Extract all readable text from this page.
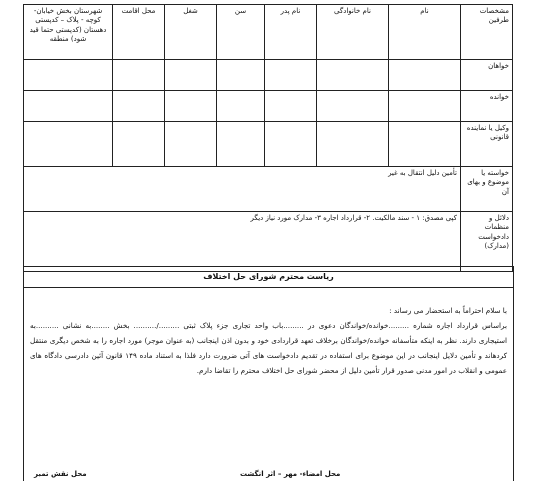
مشخصات طرفین	نام	نام خانوادگی	نام پدر	سن	شغل	محل اقامت	شهرستان بخش خیابان- کوچه - پلاک – کدپستی دهستان (کدپستی حتما قید شود) منطقه
خواهان							
خوانده							
وکیل یا نماینده قانونی							
خواسته یا موضوع و بهای آن	تأمین دلیل انتقال به غیر						
دلائل و منظمات دادخواست (مدارک)	کپی مصدق: ۱ - سند مالکیت. ۲- قرارداد اجاره ۳- مدارک مورد نیاز دیگر						
ریاست محترم شورای حل اختلاف
با سلام احتراماً به استحضار می رساند :
براساس قرارداد اجاره شماره .........خوانده/خواندگان دعوی در .........باب واحد تجاری جزء پلاک ثبتی ........./.......... بخش ........به نشانی ..........به استیجاری دارند. نظر به اینکه متأسفانه خوانده/خواندگان برخلاف تعهد قراردادی خود و بدون اذن اینجانب (به عنوان موجر) مورد اجاره را به شخص دیگری منتقل کردهاند و تأمین دلایل اینجانب در این موضوع برای استفاده در تقدیم دادخواست های آتی ضرورت دارد فلذا به استناد ماده ۱۴۹ قانون آئین دادرسی دادگاه های عمومی و انقلاب در امور مدنی صدور قرار تأمین دلیل از محضر شورای حل اختلاف محترم را تقاضا دارم.
محل نقش تمبر	محل امضاء- مهر – اثر انگشت
